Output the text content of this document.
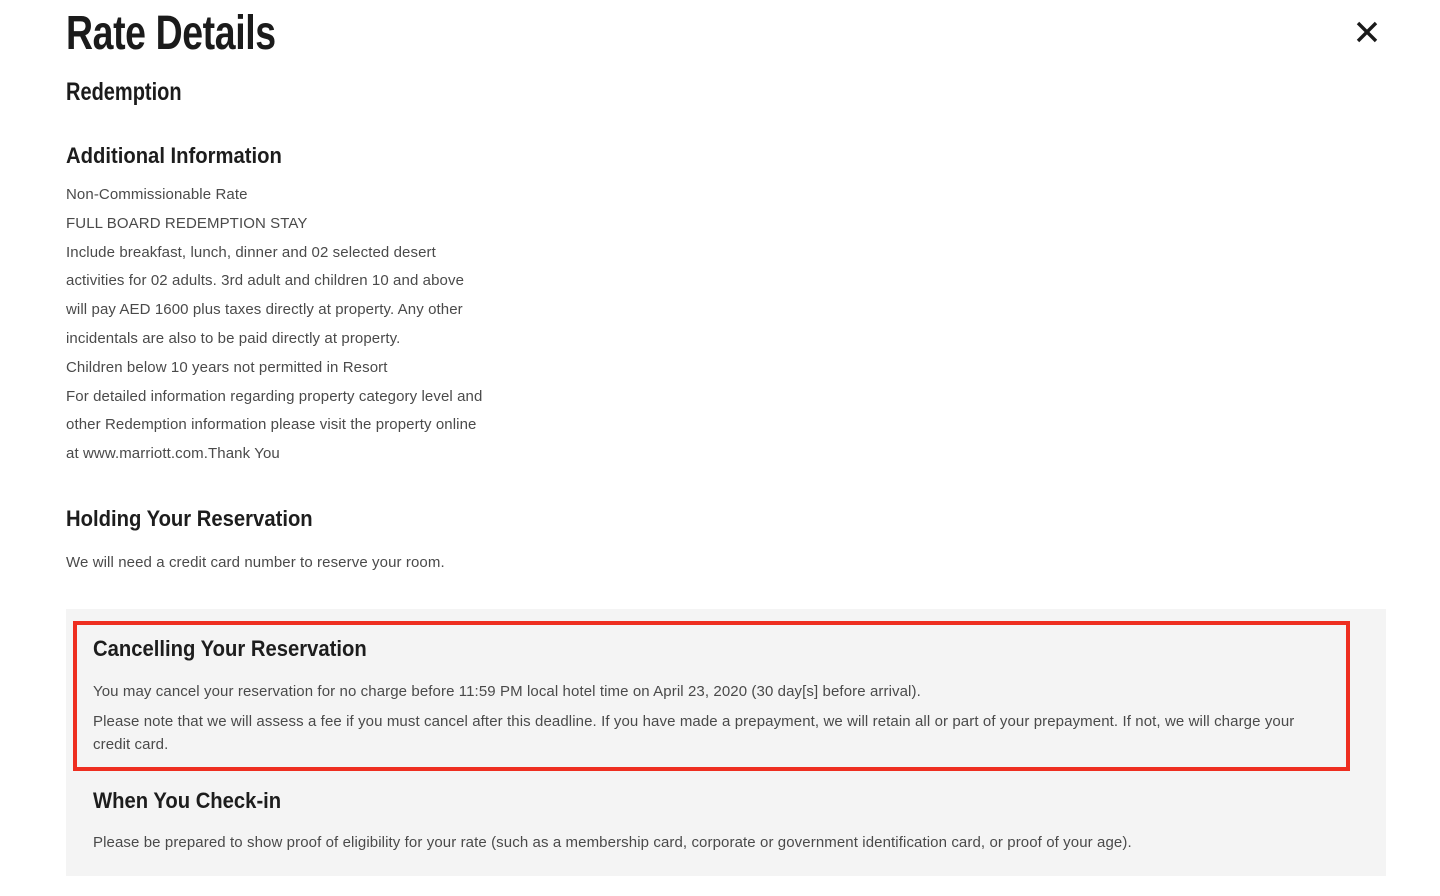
Rate Details
Redemption
Additional Information
Non-Commissionable Rate
FULL BOARD REDEMPTION STAY
Include breakfast, lunch, dinner and 02 selected desert
activities for 02 adults. 3rd adult and children 10 and above
will pay AED 1600 plus taxes directly at property. Any other
incidentals are also to be paid directly at property.
Children below 10 years not permitted in Resort
For detailed information regarding property category level and
other Redemption information please visit the property online
at www.marriott.com.Thank You
Holding Your Reservation

We will need a credit card number to reserve your room.

Cancelling Your Reservation

You may cancel your reservation for no charge before 11:59 PM local hotel time on April 23, 2020 (30 day[s] before arrival).

Please note that we will assess a fee if you must cancel after this deadline. If you have made a prepayment, we will retain all or part of your prepayment. If not, we will charge your credit card.

When You Check-in

Please be prepared to show proof of eligibility for your rate (such as a membership card, corporate or government identification card, or proof of your age).
